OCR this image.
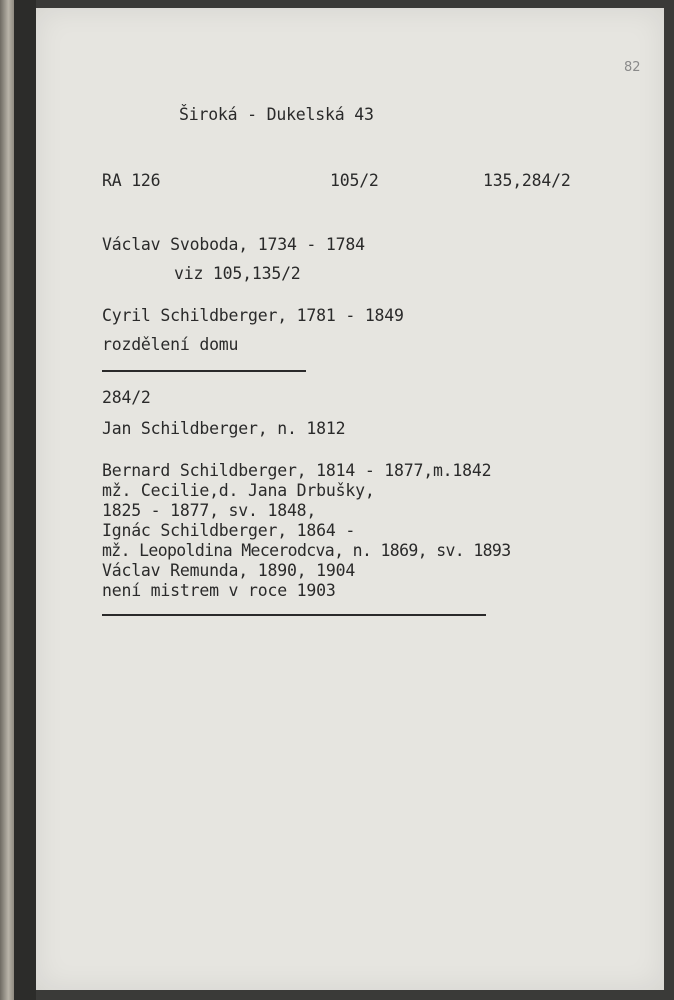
82
Široká - Dukelská 43
RA 126	105/2	135,284/2
Václav Svoboda, 1734 - 1784
viz 105,135/2
Cyril Schildberger, 1781 - 1849
rozdělení domu
284/2
Jan Schildberger, n. 1812
Bernard Schildberger, 1814 - 1877,m.1842
mž. Cecilie,d. Jana Drbušky,
1825 - 1877, sv. 1848,
Ignác Schildberger, 1864 -
mž. Leopoldina Mecerodcva, n. 1869, sv. 1893
Václav Remunda, 1890, 1904
není mistrem v roce 1903
